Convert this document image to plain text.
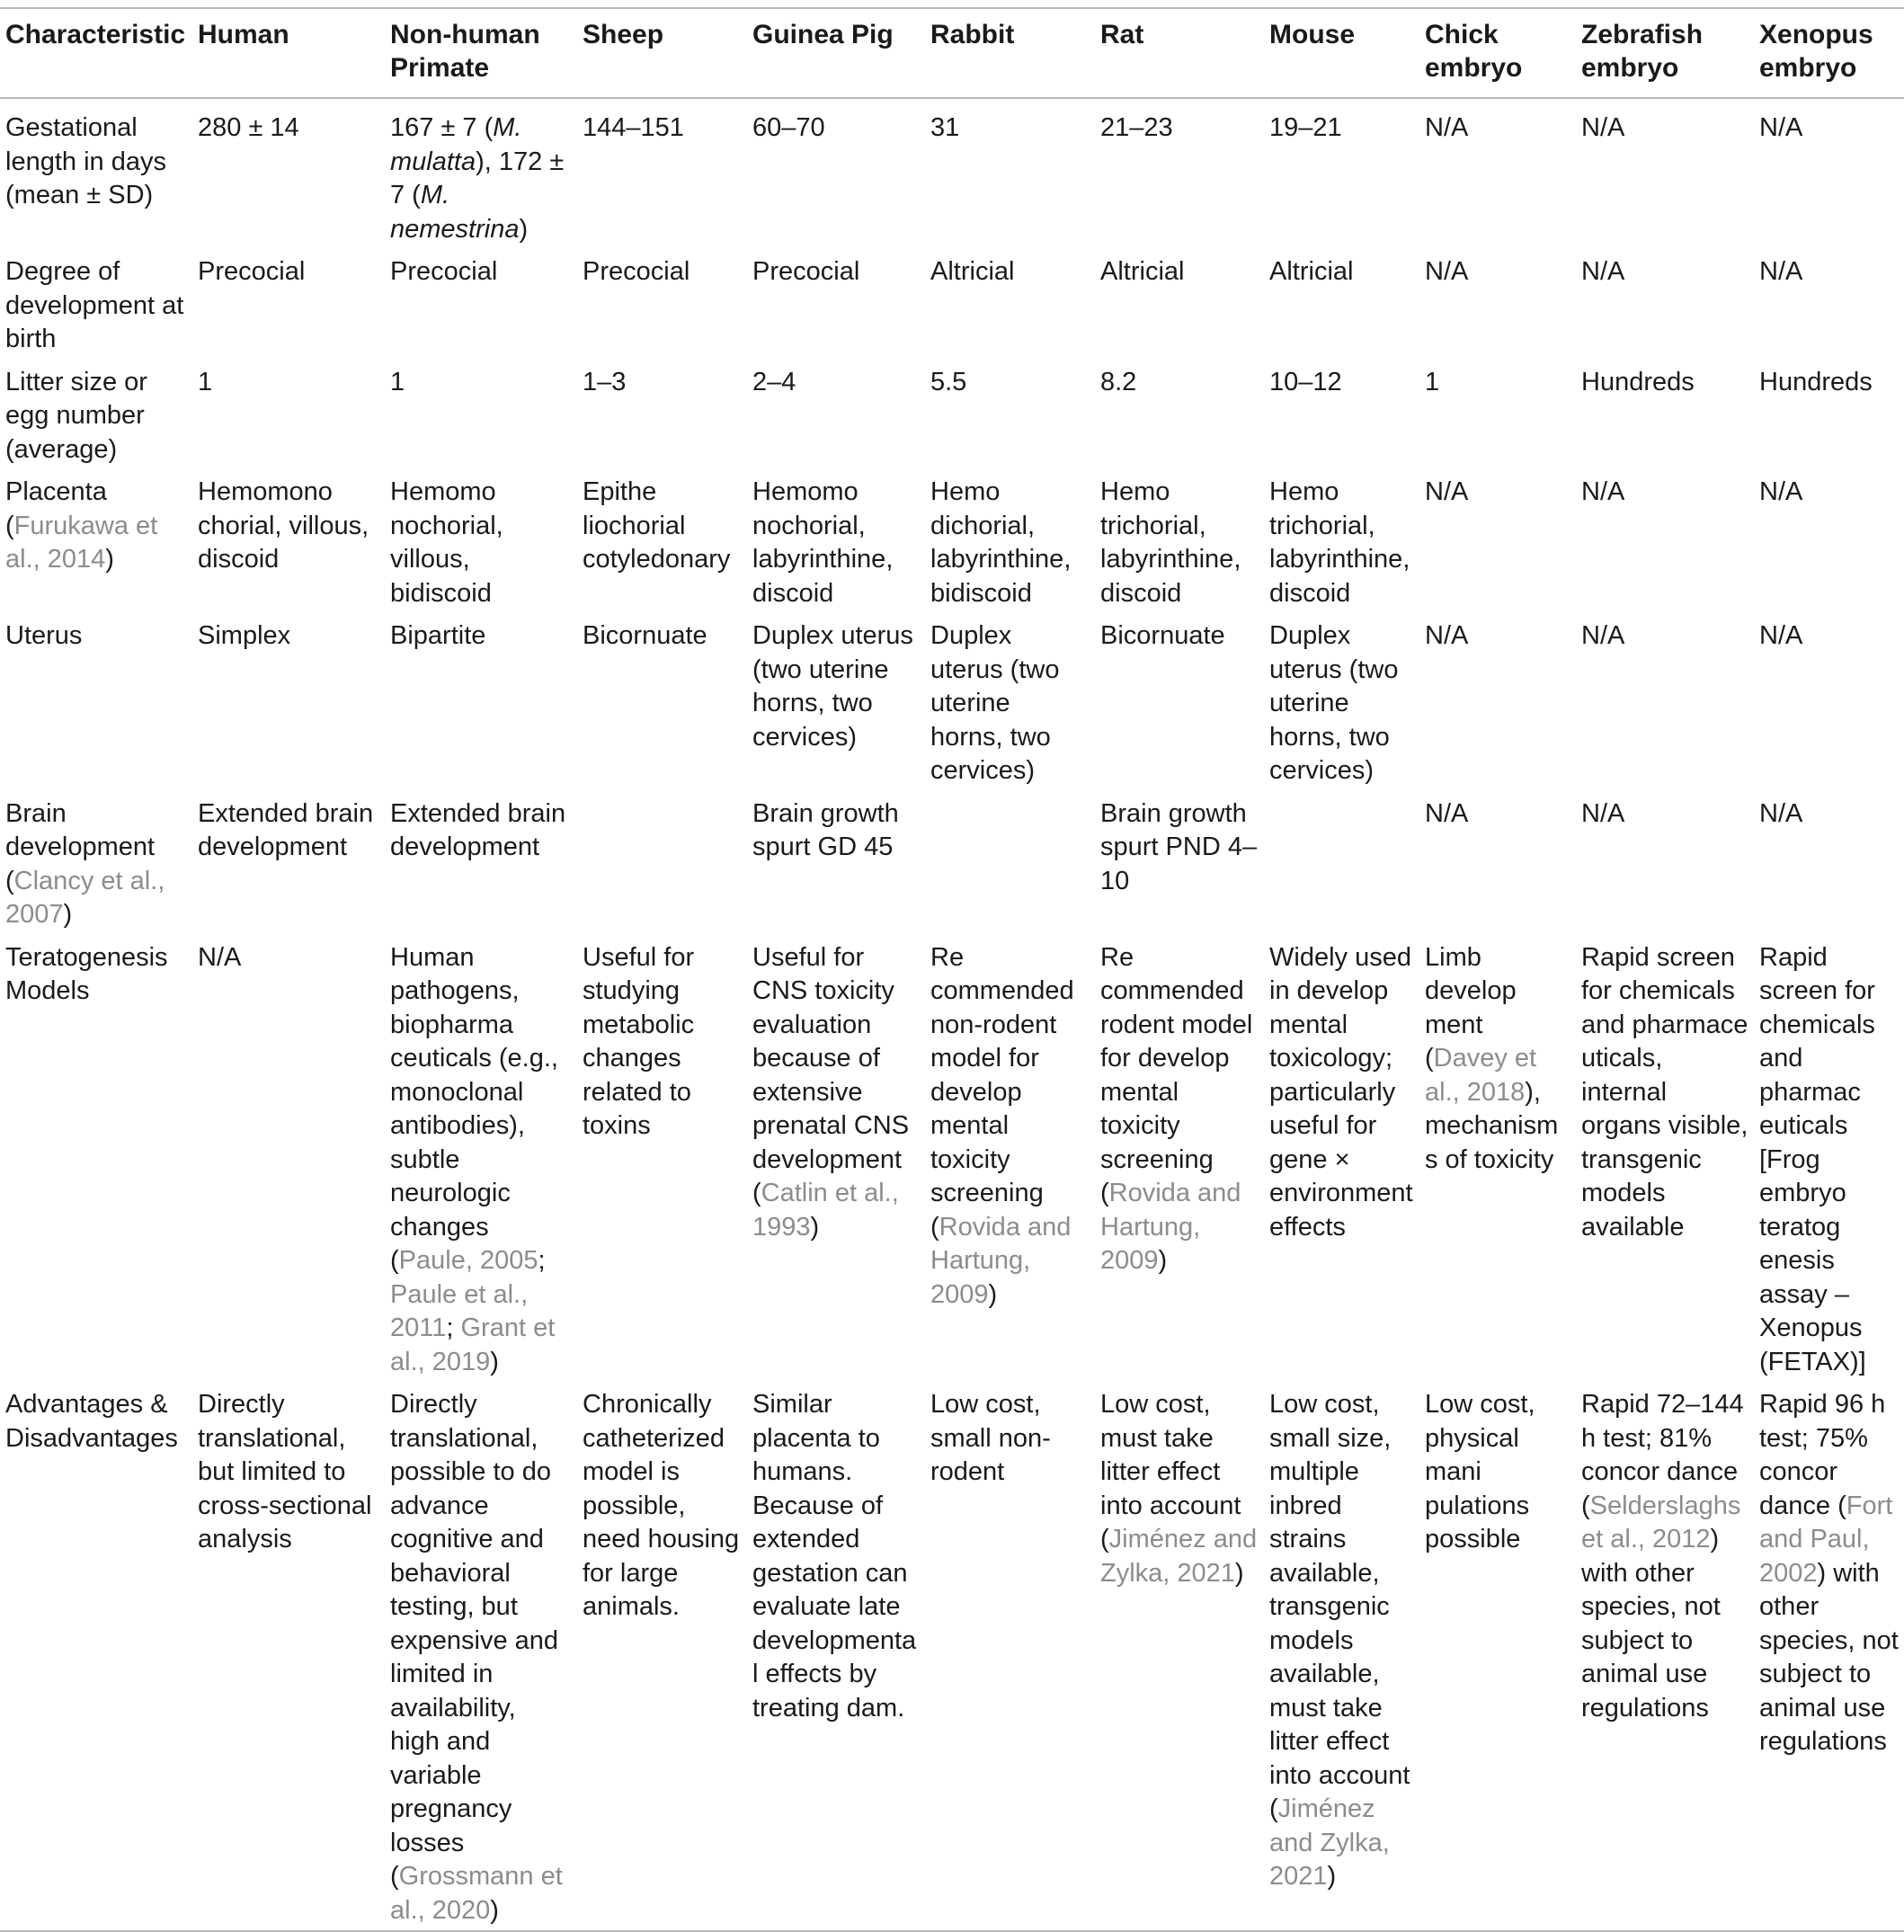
Characteristic	Human	Non-human Primate	Sheep	Guinea Pig	Rabbit	Rat	Mouse	Chick embryo	Zebrafish embryo	Xenopus embryo
Gestational length in days (mean ± SD)	280 ± 14	167 ± 7 (M. mulatta), 172 ± 7 (M. nemestrina)	144–151	60–70	31	21–23	19–21	N/A	N/A	N/A
Degree of development at birth	Precocial	Precocial	Precocial	Precocial	Altricial	Altricial	Altricial	N/A	N/A	N/A
Litter size or egg number (average)	1	1	1–3	2–4	5.5	8.2	10–12	1	Hundreds	Hundreds
Placenta (Furukawa et al., 2014)	Hemomono chorial, villous, discoid	Hemomo nochorial, villous, bidiscoid	Epithe liochorial cotyledonary	Hemomo nochorial, labyrinthine, discoid	Hemo dichorial, labyrinthine, bidiscoid	Hemo trichorial, labyrinthine, discoid	Hemo trichorial, labyrinthine, discoid	N/A	N/A	N/A
Uterus	Simplex	Bipartite	Bicornuate	Duplex uterus (two uterine horns, two cervices)	Duplex uterus (two uterine horns, two cervices)	Bicornuate	Duplex uterus (two uterine horns, two cervices)	N/A	N/A	N/A
Brain development (Clancy et al., 2007)	Extended brain development	Extended brain development		Brain growth spurt GD 45		Brain growth spurt PND 4–10		N/A	N/A	N/A
Teratogenesis Models	N/A	Human pathogens, biopharma ceuticals (e.g., monoclonal antibodies), subtle neurologic changes (Paule, 2005; Paule et al., 2011; Grant et al., 2019)	Useful for studying metabolic changes related to toxins	Useful for CNS toxicity evaluation because of extensive prenatal CNS development (Catlin et al., 1993)	Re commended non-rodent model for develop mental toxicity screening (Rovida and Hartung, 2009)	Re commended rodent model for develop mental toxicity screening (Rovida and Hartung, 2009)	Widely used in develop mental toxicology; particularly useful for gene × environment effects	Limb develop ment (Davey et al., 2018), mechanisms of toxicity	Rapid screen for chemicals and pharmace uticals, internal organs visible, transgenic models available	Rapid screen for chemicals and pharmac euticals [Frog embryo teratog enesis assay – Xenopus (FETAX)]
Advantages & Disadvantages	Directly translational, but limited to cross-sectional analysis	Directly translational, possible to do advance cognitive and behavioral testing, but expensive and limited in availability, high and variable pregnancy losses (Grossmann et al., 2020)	Chronically catheterized model is possible, need housing for large animals.	Similar placenta to humans. Because of extended gestation can evaluate late developmental effects by treating dam.	Low cost, small non-rodent	Low cost, must take litter effect into account (Jiménez and Zylka, 2021)	Low cost, small size, multiple inbred strains available, transgenic models available, must take litter effect into account (Jiménez and Zylka, 2021)	Low cost, physical mani pulations possible	Rapid 72–144 h test; 81% concor dance (Selderslaghs et al., 2012) with other species, not subject to animal use regulations	Rapid 96 h test; 75% concor dance (Fort and Paul, 2002) with other species, not subject to animal use regulations
